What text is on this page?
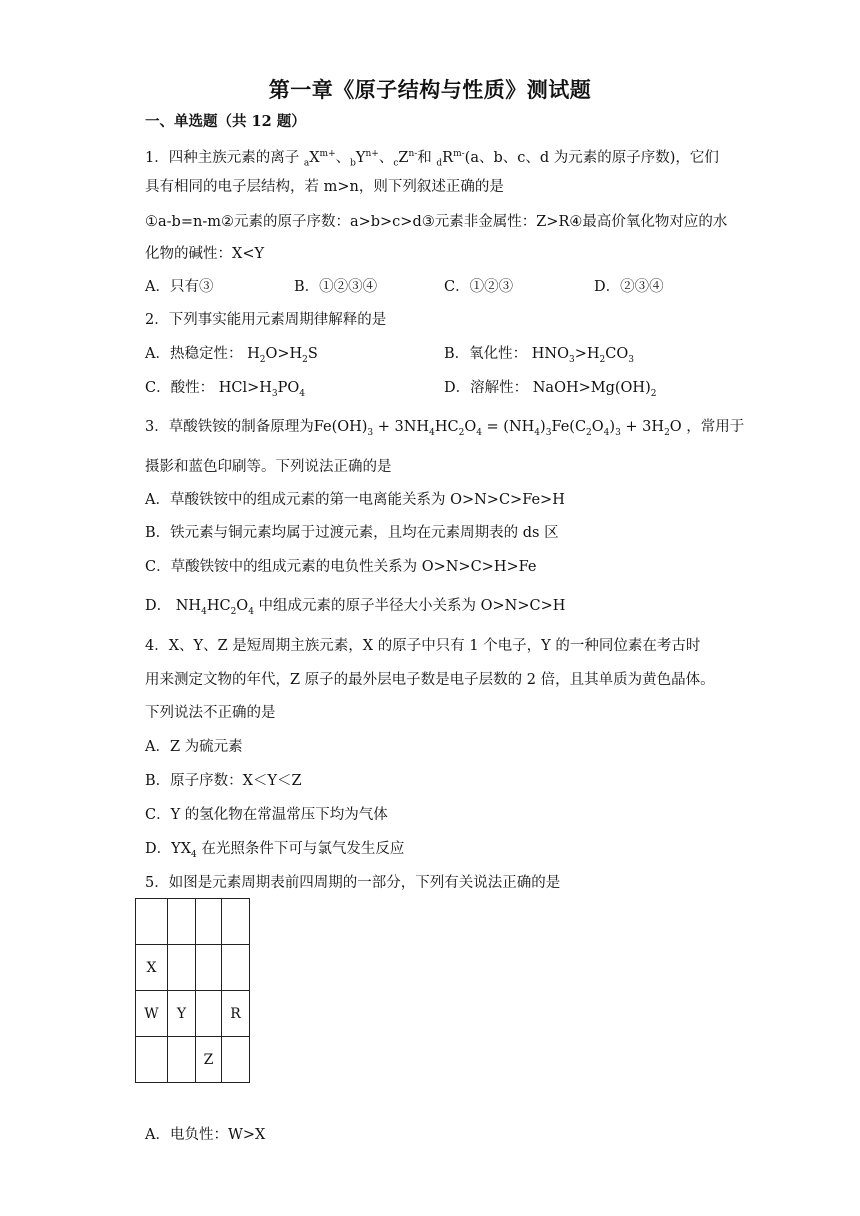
第一章《原子结构与性质》测试题
一、单选题（共 12 题）
1．四种主族元素的离子 $_aX^{m+}$、$_bY^{n+}$、$_cZ^{n-}$和 $_dR^{m-}(a$、b、c、d 为元素的原子序数)，它们
具有相同的电子层结构，若 m>n，则下列叙述正确的是
①a-b=n-m②元素的原子序数：a>b>c>d③元素非金属性：Z>R④最高价氧化物对应的水
化物的碱性：X<Y
A．只有③	B．①②③④	C．①②③	D．②③④
2．下列事实能用元素周期律解释的是
A．热稳定性： $H_2O>H_2S$	B．氧化性： $HNO_3>H_2CO_3$
C．酸性： $HCl>H_3PO_4$	D．溶解性： $NaOH>Mg(OH)_2$
3．草酸铁铵的制备原理为$Fe(OH)_3 + 3NH_4HC_2O_4 = (NH_4)_3Fe(C_2O_4)_3 + 3H_2O$ ，常用于
摄影和蓝色印刷等。下列说法正确的是
A．草酸铁铵中的组成元素的第一电离能关系为 O>N>C>Fe>H
B．铁元素与铜元素均属于过渡元素，且均在元素周期表的 ds 区
C．草酸铁铵中的组成元素的电负性关系为 O>N>C>H>Fe
D． $NH_4HC_2O_4$ 中组成元素的原子半径大小关系为 O>N>C>H
4．X、Y、Z 是短周期主族元素，X 的原子中只有 1 个电子，Y 的一种同位素在考古时
用来测定文物的年代，Z 原子的最外层电子数是电子层数的 2 倍，且其单质为黄色晶体。
下列说法不正确的是
A．Z 为硫元素
B．原子序数：X＜Y＜Z
C．Y 的氢化物在常温常压下均为气体
D．$YX_4$ 在光照条件下可与氯气发生反应
5．如图是元素周期表前四周期的一部分，下列有关说法正确的是

X			
W	Y		R
		Z	
A．电负性：W>X
